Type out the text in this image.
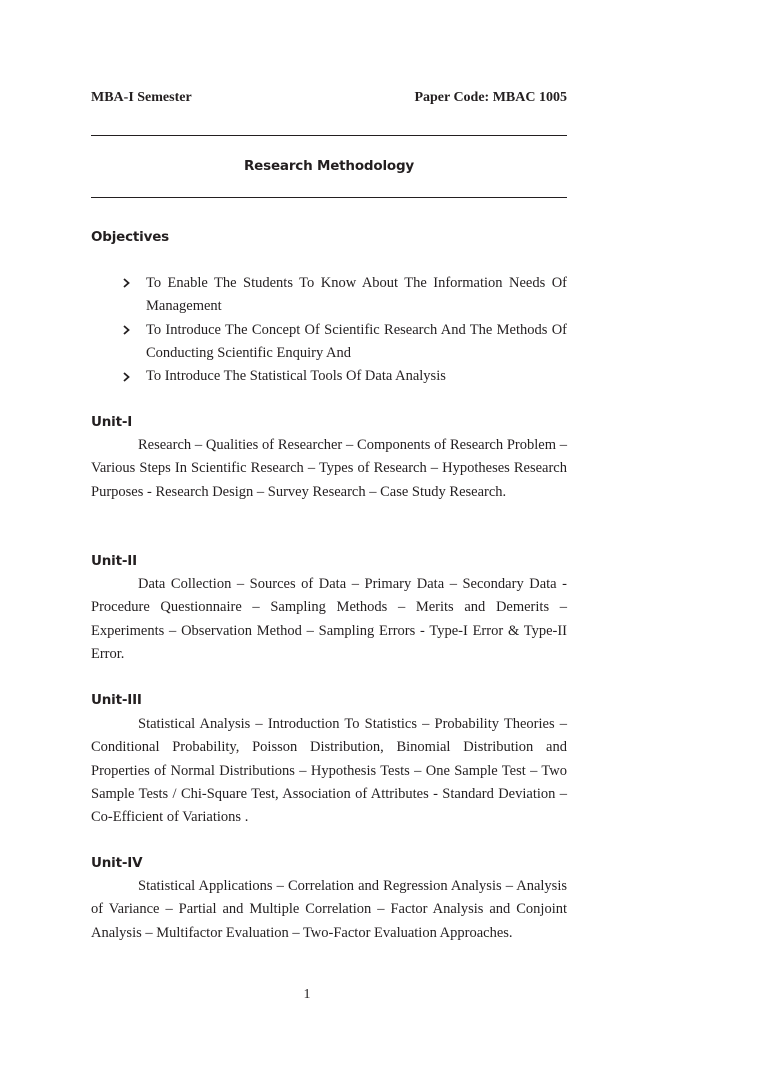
MBA-I Semester	Paper Code: MBAC 1005
Research Methodology
Objectives
To Enable The Students To Know About The Information Needs Of Management
To Introduce The Concept Of Scientific Research And The Methods Of Conducting Scientific Enquiry And
To Introduce The Statistical Tools Of Data Analysis
Unit-I

Research – Qualities of Researcher – Components of Research Problem – Various Steps In Scientific Research – Types of Research – Hypotheses Research Purposes - Research Design – Survey Research – Case Study Research.

Unit-II

Data Collection – Sources of Data – Primary Data – Secondary Data - Procedure Questionnaire – Sampling Methods – Merits and Demerits – Experiments – Observation Method – Sampling Errors - Type-I Error & Type-II Error.

Unit-III

Statistical Analysis – Introduction To Statistics – Probability Theories – Conditional Probability, Poisson Distribution, Binomial Distribution and Properties of Normal Distributions – Hypothesis Tests – One Sample Test – Two Sample Tests / Chi-Square Test, Association of Attributes - Standard Deviation – Co-Efficient of Variations .

Unit-IV

Statistical Applications – Correlation and Regression Analysis – Analysis of Variance – Partial and Multiple Correlation – Factor Analysis and Conjoint Analysis – Multifactor Evaluation – Two-Factor Evaluation Approaches.

1
